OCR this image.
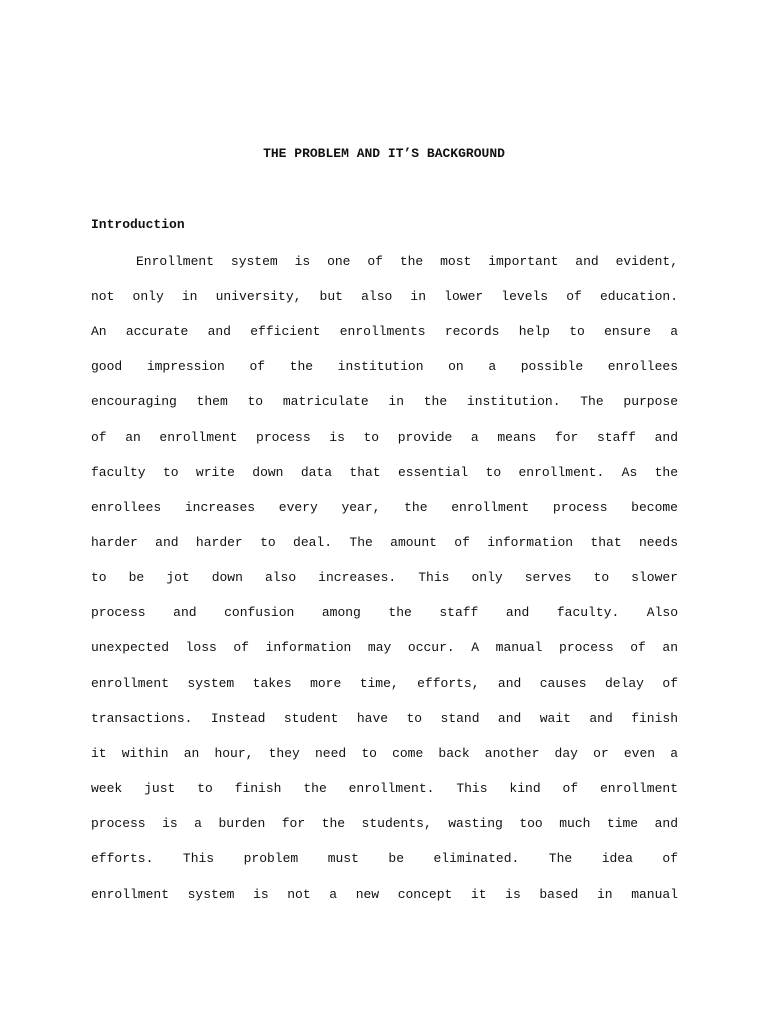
THE PROBLEM AND IT’S BACKGROUND
Introduction
Enrollment system is one of the most important and evident,
not only in university, but also in lower levels of education.
An accurate and efficient enrollments records help to ensure a
good impression of the institution on a possible enrollees
encouraging them to matriculate in the institution. The purpose
of an enrollment process is to provide a means for staff and
faculty to write down data that essential to enrollment. As the
enrollees increases every year, the enrollment process become
harder and harder to deal. The amount of information that needs
to be jot down also increases. This only serves to slower
process and confusion among the staff and faculty. Also
unexpected loss of information may occur. A manual process of an
enrollment system takes more time, efforts, and causes delay of
transactions. Instead student have to stand and wait and finish
it within an hour, they need to come back another day or even a
week just to finish the enrollment. This kind of enrollment
process is a burden for the students, wasting too much time and
efforts. This problem must be eliminated. The idea of
enrollment system is not a new concept it is based in manual
